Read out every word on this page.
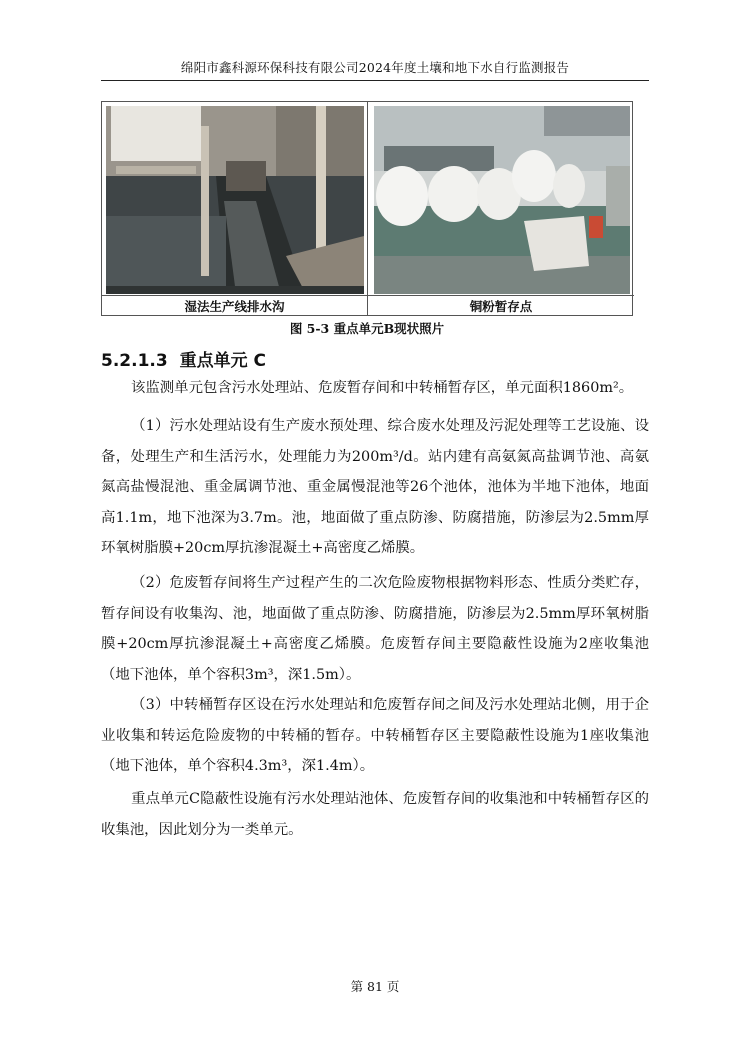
绵阳市鑫科源环保科技有限公司2024年度土壤和地下水自行监测报告
湿法生产线排水沟	铜粉暂存点
图 5-3 重点单元B现状照片
5.2.1.3 重点单元 C

该监测单元包含污水处理站、危废暂存间和中转桶暂存区，单元面积1860m²。

（1）污水处理站设有生产废水预处理、综合废水处理及污泥处理等工艺设施、设备，处理生产和生活污水，处理能力为200m³/d。站内建有高氨氮高盐调节池、高氨氮高盐慢混池、重金属调节池、重金属慢混池等26个池体，池体为半地下池体，地面高1.1m，地下池深为3.7m。池，地面做了重点防渗、防腐措施，防渗层为2.5mm厚环氧树脂膜+20cm厚抗渗混凝土+高密度乙烯膜。

（2）危废暂存间将生产过程产生的二次危险废物根据物料形态、性质分类贮存，暂存间设有收集沟、池，地面做了重点防渗、防腐措施，防渗层为2.5mm厚环氧树脂膜+20cm厚抗渗混凝土+高密度乙烯膜。危废暂存间主要隐蔽性设施为2座收集池（地下池体，单个容积3m³，深1.5m）。

（3）中转桶暂存区设在污水处理站和危废暂存间之间及污水处理站北侧，用于企业收集和转运危险废物的中转桶的暂存。中转桶暂存区主要隐蔽性设施为1座收集池（地下池体，单个容积4.3m³，深1.4m）。

重点单元C隐蔽性设施有污水处理站池体、危废暂存间的收集池和中转桶暂存区的收集池，因此划分为一类单元。

第 81 页
